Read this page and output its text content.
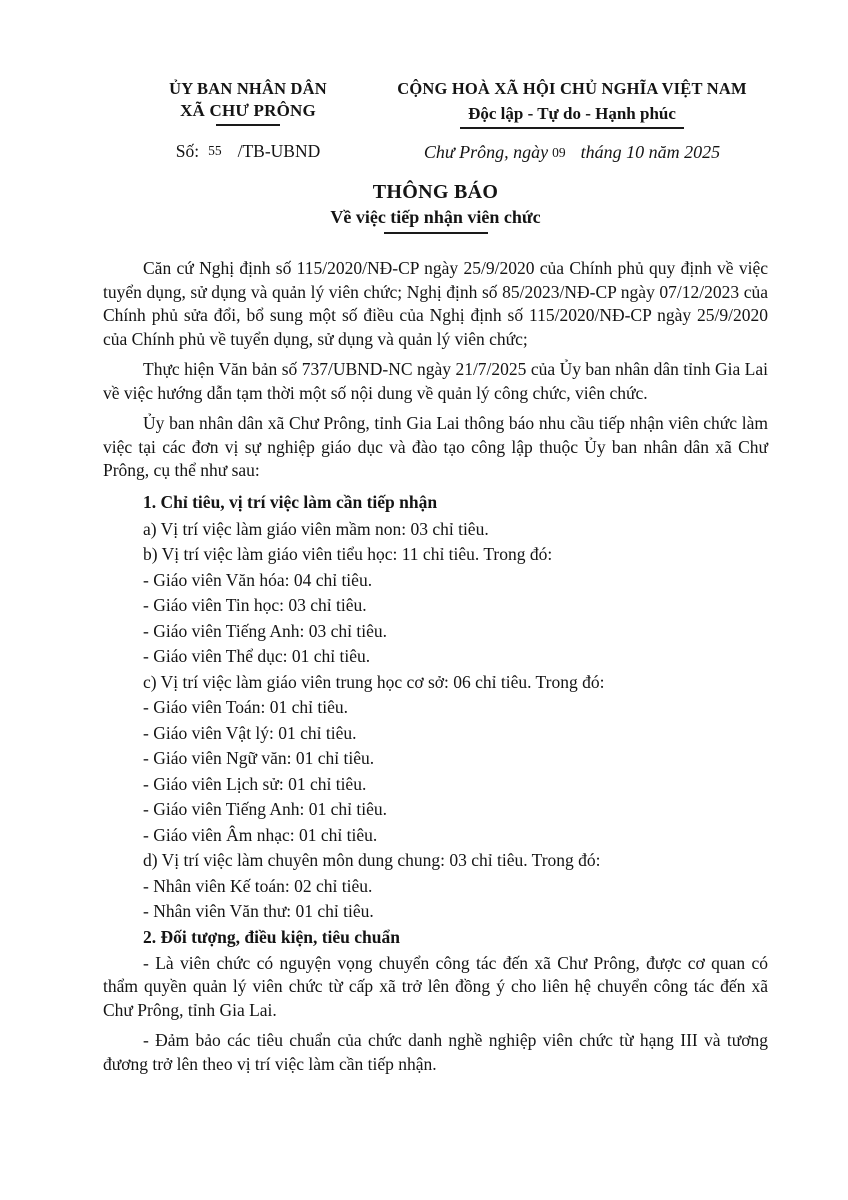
ỦY BAN NHÂN DÂN
XÃ CHƯ PRÔNG
Số: 55 /TB-UBND
CỘNG HOÀ XÃ HỘI CHỦ NGHĨA VIỆT NAM
Độc lập - Tự do - Hạnh phúc
Chư Prông, ngày 09 tháng 10 năm 2025
THÔNG BÁO
Về việc tiếp nhận viên chức

Căn cứ Nghị định số 115/2020/NĐ-CP ngày 25/9/2020 của Chính phủ quy định về việc tuyển dụng, sử dụng và quản lý viên chức; Nghị định số 85/2023/NĐ-CP ngày 07/12/2023 của Chính phủ sửa đổi, bổ sung một số điều của Nghị định số 115/2020/NĐ-CP ngày 25/9/2020 của Chính phủ về tuyển dụng, sử dụng và quản lý viên chức;

Thực hiện Văn bản số 737/UBND-NC ngày 21/7/2025 của Ủy ban nhân dân tỉnh Gia Lai về việc hướng dẫn tạm thời một số nội dung về quản lý công chức, viên chức.

Ủy ban nhân dân xã Chư Prông, tỉnh Gia Lai thông báo nhu cầu tiếp nhận viên chức làm việc tại các đơn vị sự nghiệp giáo dục và đào tạo công lập thuộc Ủy ban nhân dân xã Chư Prông, cụ thể như sau:

1. Chỉ tiêu, vị trí việc làm cần tiếp nhận

a) Vị trí việc làm giáo viên mầm non: 03 chỉ tiêu.

b) Vị trí việc làm giáo viên tiểu học: 11 chỉ tiêu. Trong đó:

- Giáo viên Văn hóa: 04 chỉ tiêu.

- Giáo viên Tin học: 03 chỉ tiêu.

- Giáo viên Tiếng Anh: 03 chỉ tiêu.

- Giáo viên Thể dục: 01 chỉ tiêu.

c) Vị trí việc làm giáo viên trung học cơ sở: 06 chỉ tiêu. Trong đó:

- Giáo viên Toán: 01 chỉ tiêu.

- Giáo viên Vật lý: 01 chỉ tiêu.

- Giáo viên Ngữ văn: 01 chỉ tiêu.

- Giáo viên Lịch sử: 01 chỉ tiêu.

- Giáo viên Tiếng Anh: 01 chỉ tiêu.

- Giáo viên Âm nhạc: 01 chỉ tiêu.

d) Vị trí việc làm chuyên môn dung chung: 03 chỉ tiêu. Trong đó:

- Nhân viên Kế toán: 02 chỉ tiêu.

- Nhân viên Văn thư: 01 chỉ tiêu.

2. Đối tượng, điều kiện, tiêu chuẩn

- Là viên chức có nguyện vọng chuyển công tác đến xã Chư Prông, được cơ quan có thẩm quyền quản lý viên chức từ cấp xã trở lên đồng ý cho liên hệ chuyển công tác đến xã Chư Prông, tỉnh Gia Lai.

- Đảm bảo các tiêu chuẩn của chức danh nghề nghiệp viên chức từ hạng III và tương đương trở lên theo vị trí việc làm cần tiếp nhận.
